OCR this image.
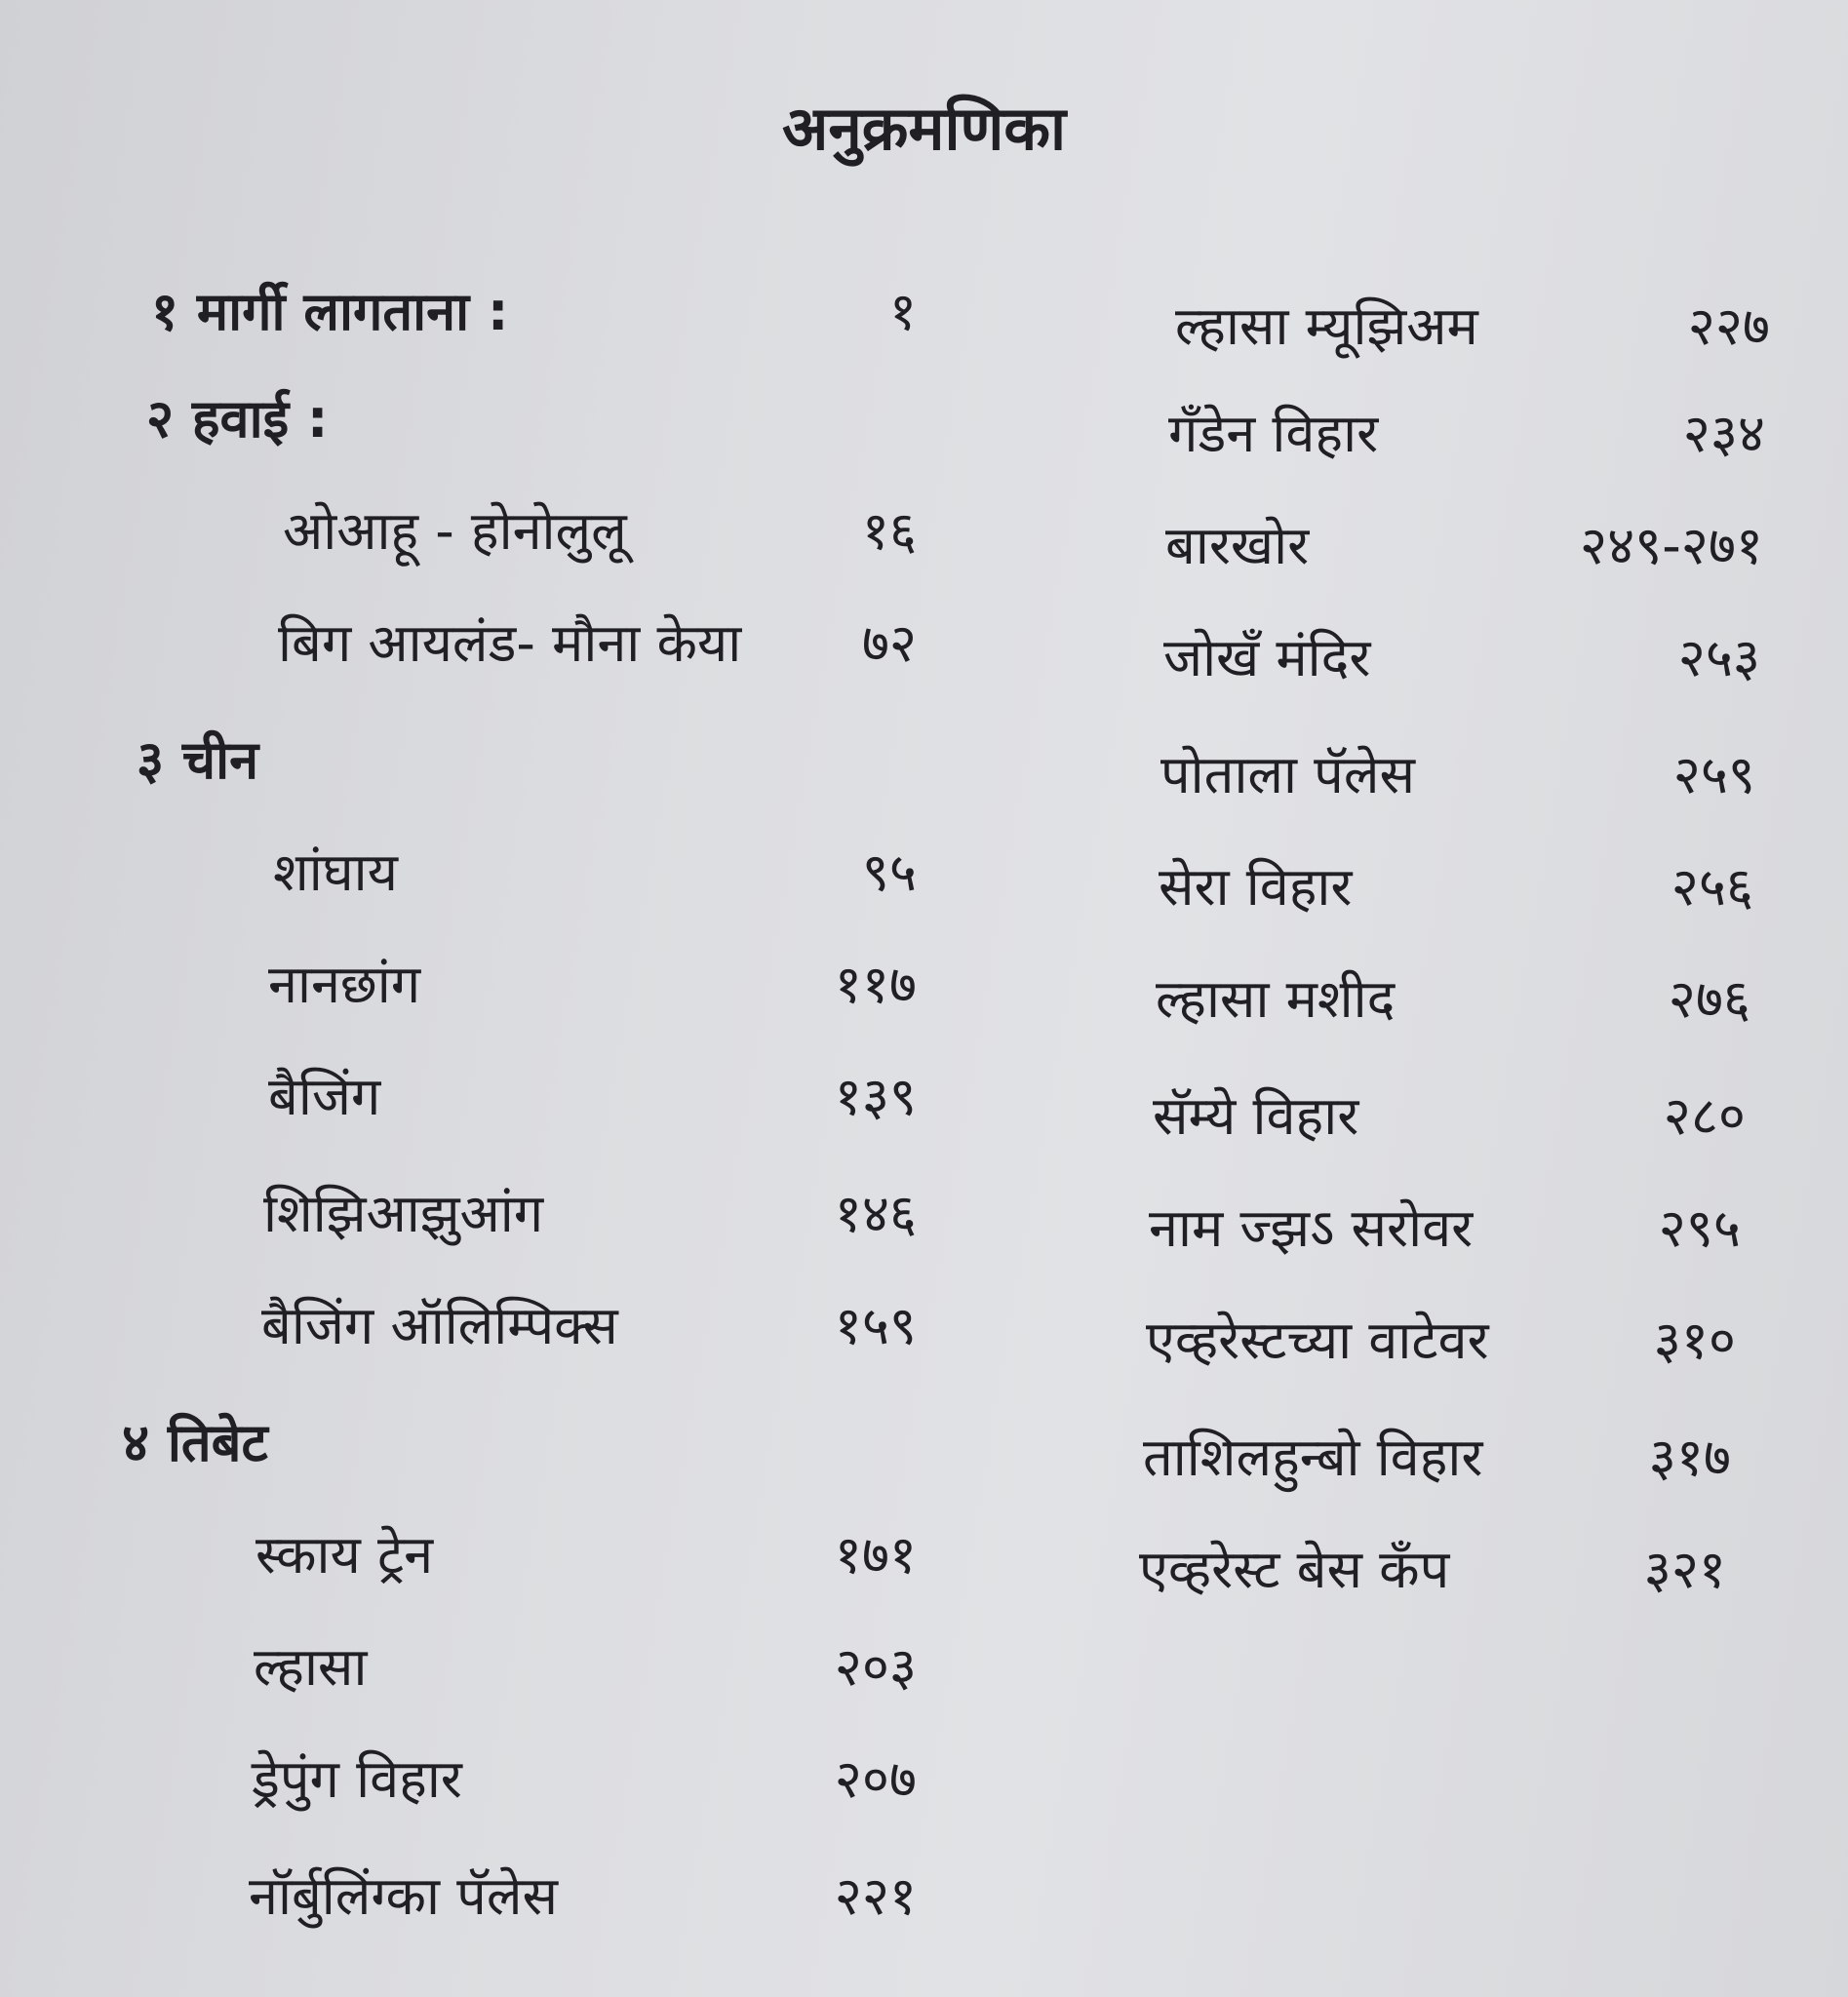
अनुक्रमणिका
१ मार्गी लागताना :	१
२ हवाई :
ओआहू - होनोलुलू	१६
बिग आयलंड- मौना केया ७२
३ चीन
शांघाय	९५
नानछांग	११७
बैजिंग	१३९
शिझिआझुआंग	१४६
बैजिंग ऑलिम्पिक्स	१५९
४ तिबेट
स्काय ट्रेन	१७१
ल्हासा	२०३
ड्रेपुंग विहार	२०७
नॉर्बुलिंग्का पॅलेस	२२१
ल्हासा म्यूझिअम	२२७
गँडेन विहार	२३४
बारखोर	२४९-२७१
जोखँ मंदिर	२५३
पोताला पॅलेस	२५९
सेरा विहार	२५६
ल्हासा मशीद	२७६
सॅम्ये विहार	२८०
नाम ज्झऽ सरोवर	२९५
एव्हरेस्टच्या वाटेवर	३१०
ताशिलहुन्बो विहार	३१७
एव्हरेस्ट बेस कँप	३२१
